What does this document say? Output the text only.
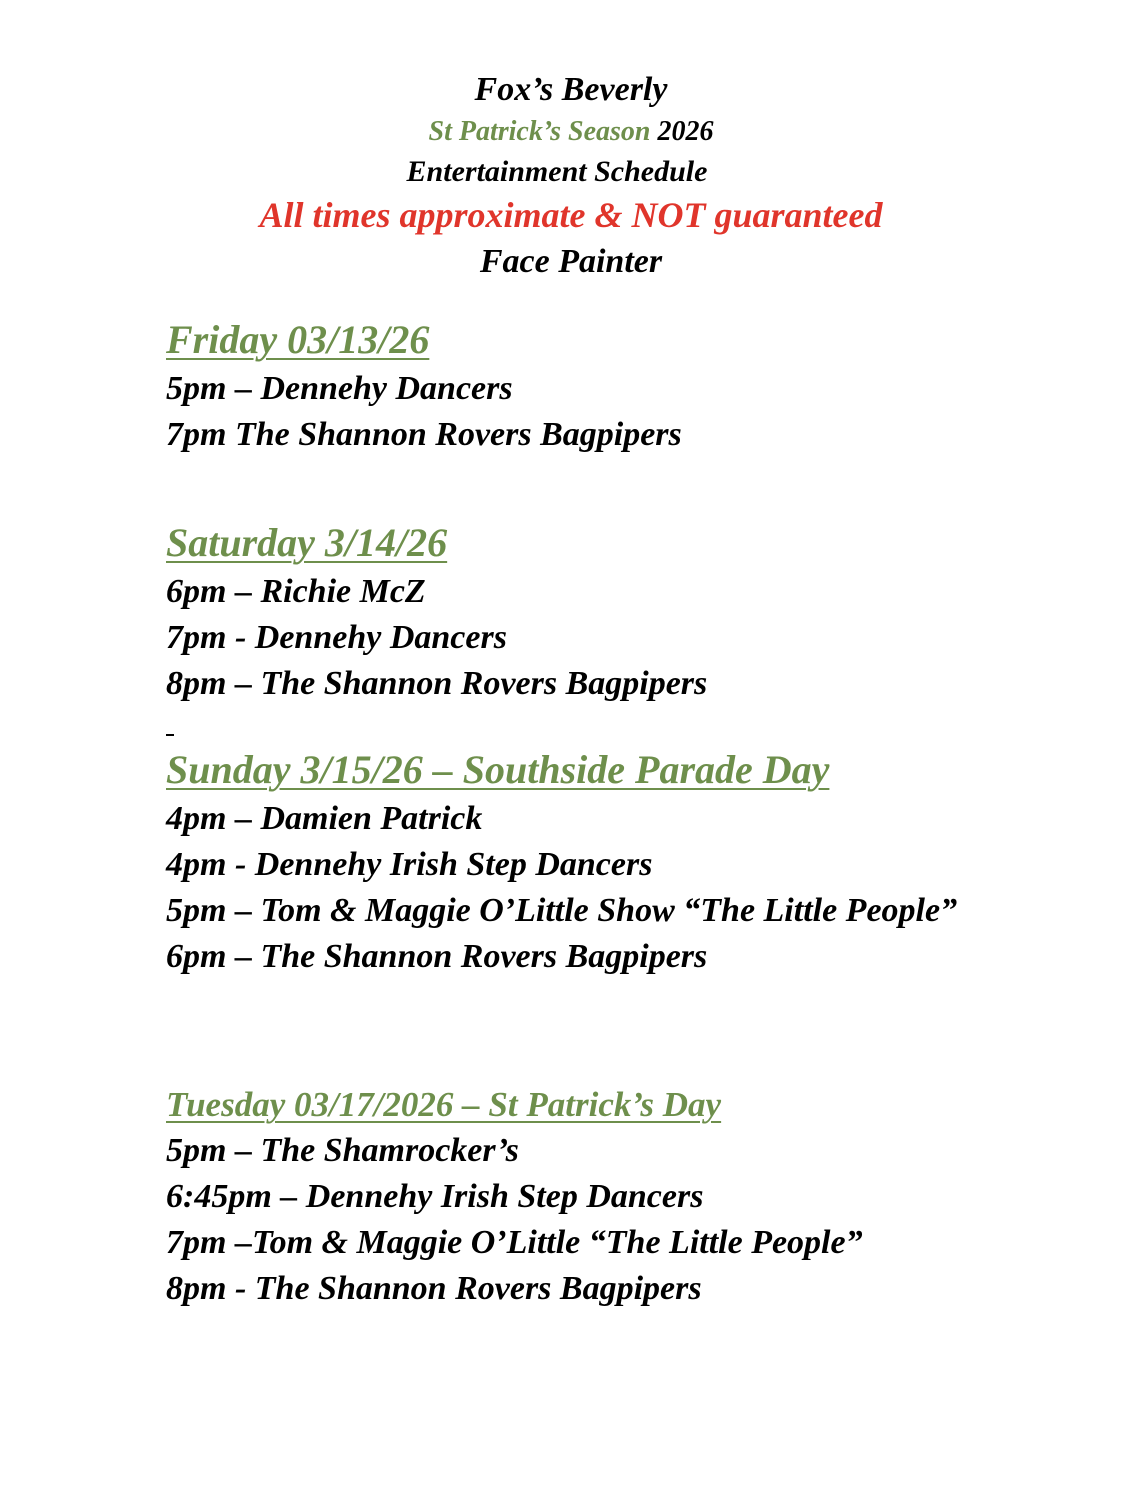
Fox’s Beverly
St Patrick’s Season 2026
Entertainment Schedule
All times approximate & NOT guaranteed
Face Painter
Friday 03/13/26
5pm – Dennehy Dancers
7pm The Shannon Rovers Bagpipers
Saturday 3/14/26
6pm – Richie McZ
7pm - Dennehy Dancers
8pm – The Shannon Rovers Bagpipers
Sunday 3/15/26 – Southside Parade Day
4pm – Damien Patrick
4pm - Dennehy Irish Step Dancers
5pm – Tom & Maggie O’Little Show “The Little People”
6pm – The Shannon Rovers Bagpipers
Tuesday 03/17/2026 – St Patrick’s Day
5pm – The Shamrocker’s
6:45pm – Dennehy Irish Step Dancers
7pm –Tom & Maggie O’Little “The Little People”
8pm - The Shannon Rovers Bagpipers
